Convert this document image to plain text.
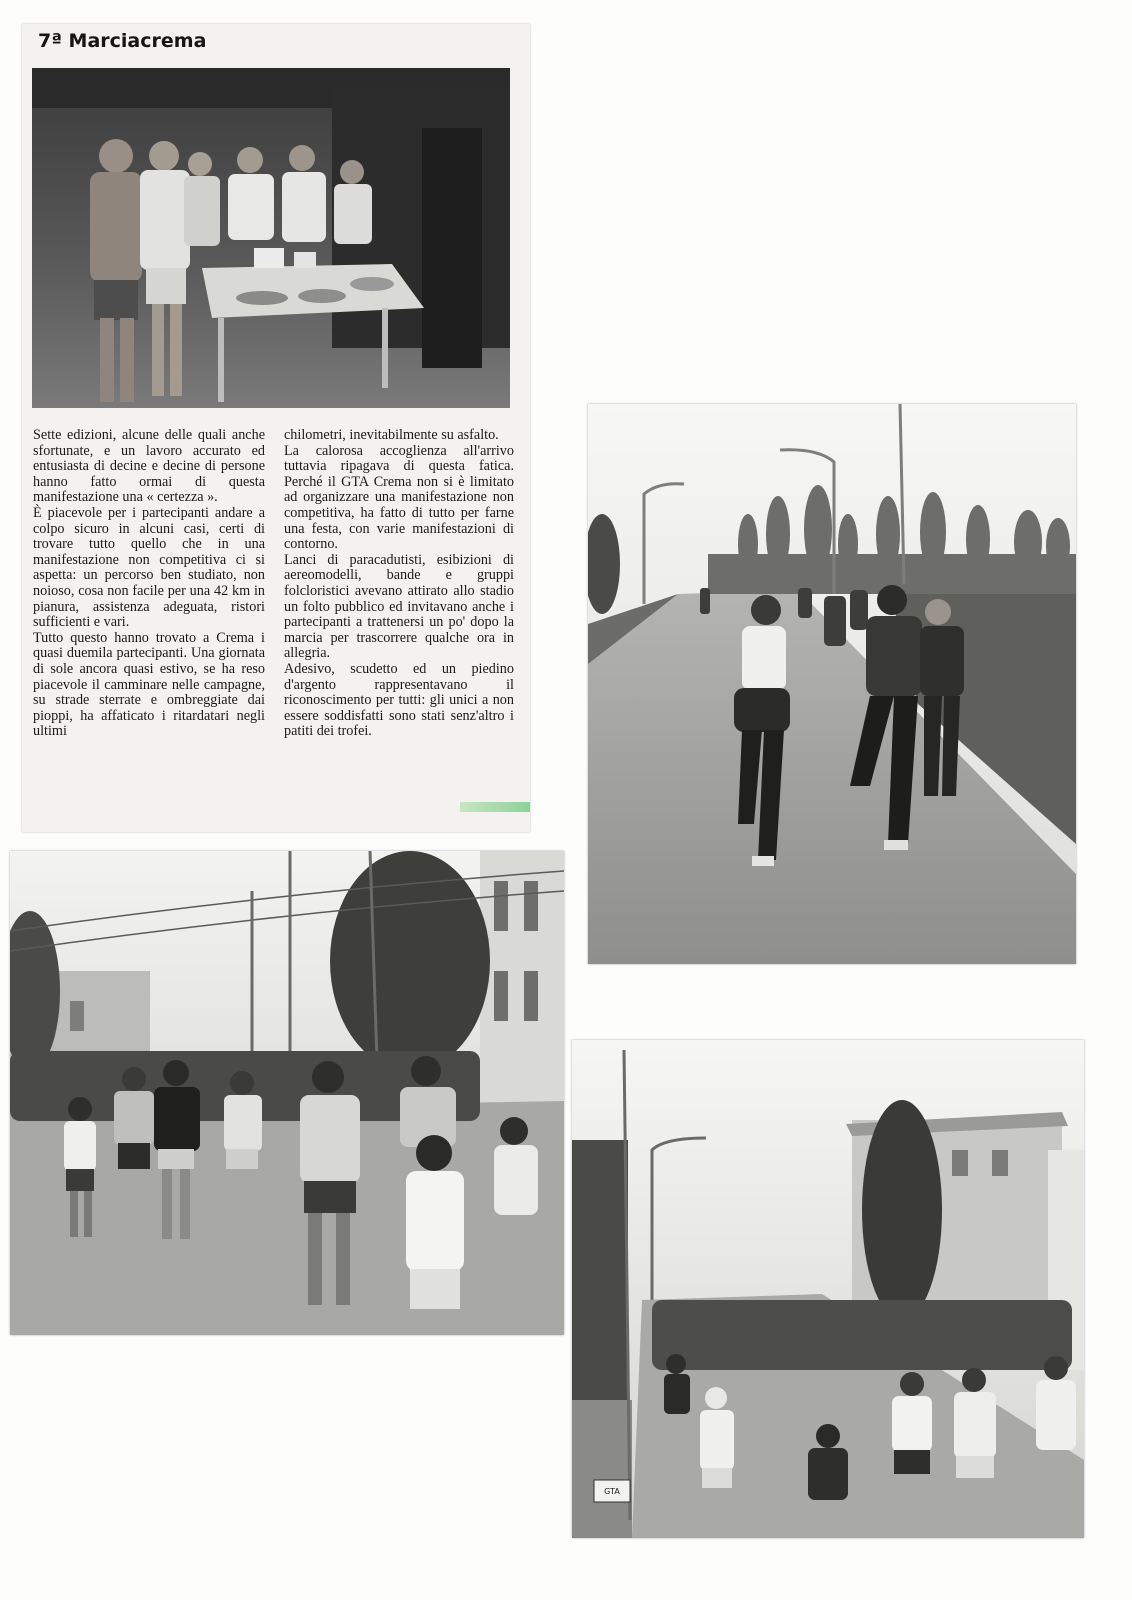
7ª Marciacrema

Sette edizioni, alcune delle quali anche sfortunate, e un lavoro accurato ed entusiasta di decine e decine di persone hanno fatto ormai di questa manifestazione una « certezza ».

È piacevole per i partecipanti andare a colpo sicuro in alcuni casi, certi di trovare tutto quello che in una manifestazione non competitiva ci si aspetta: un percorso ben studiato, non noioso, cosa non facile per una 42 km in pianura, assistenza adeguata, ristori sufficienti e vari.

Tutto questo hanno trovato a Crema i quasi duemila partecipanti. Una giornata di sole ancora quasi estivo, se ha reso piacevole il camminare nelle campagne, su strade sterrate e ombreggiate dai pioppi, ha affaticato i ritardatari negli ultimi

chilometri, inevitabilmente su asfalto.

La calorosa accoglienza all'arrivo tuttavia ripagava di questa fatica. Perché il GTA Crema non si è limitato ad organizzare una manifestazione non competitiva, ha fatto di tutto per farne una festa, con varie manifestazioni di contorno.

Lanci di paracadutisti, esibizioni di aereomodelli, bande e gruppi folcloristici avevano attirato allo stadio un folto pubblico ed invitavano anche i partecipanti a trattenersi un po' dopo la marcia per trascorrere qualche ora in allegria.

Adesivo, scudetto ed un piedino d'argento rappresentavano il riconoscimento per tutti: gli unici a non essere soddisfatti sono stati senz'altro i patiti dei trofei.

GTA
